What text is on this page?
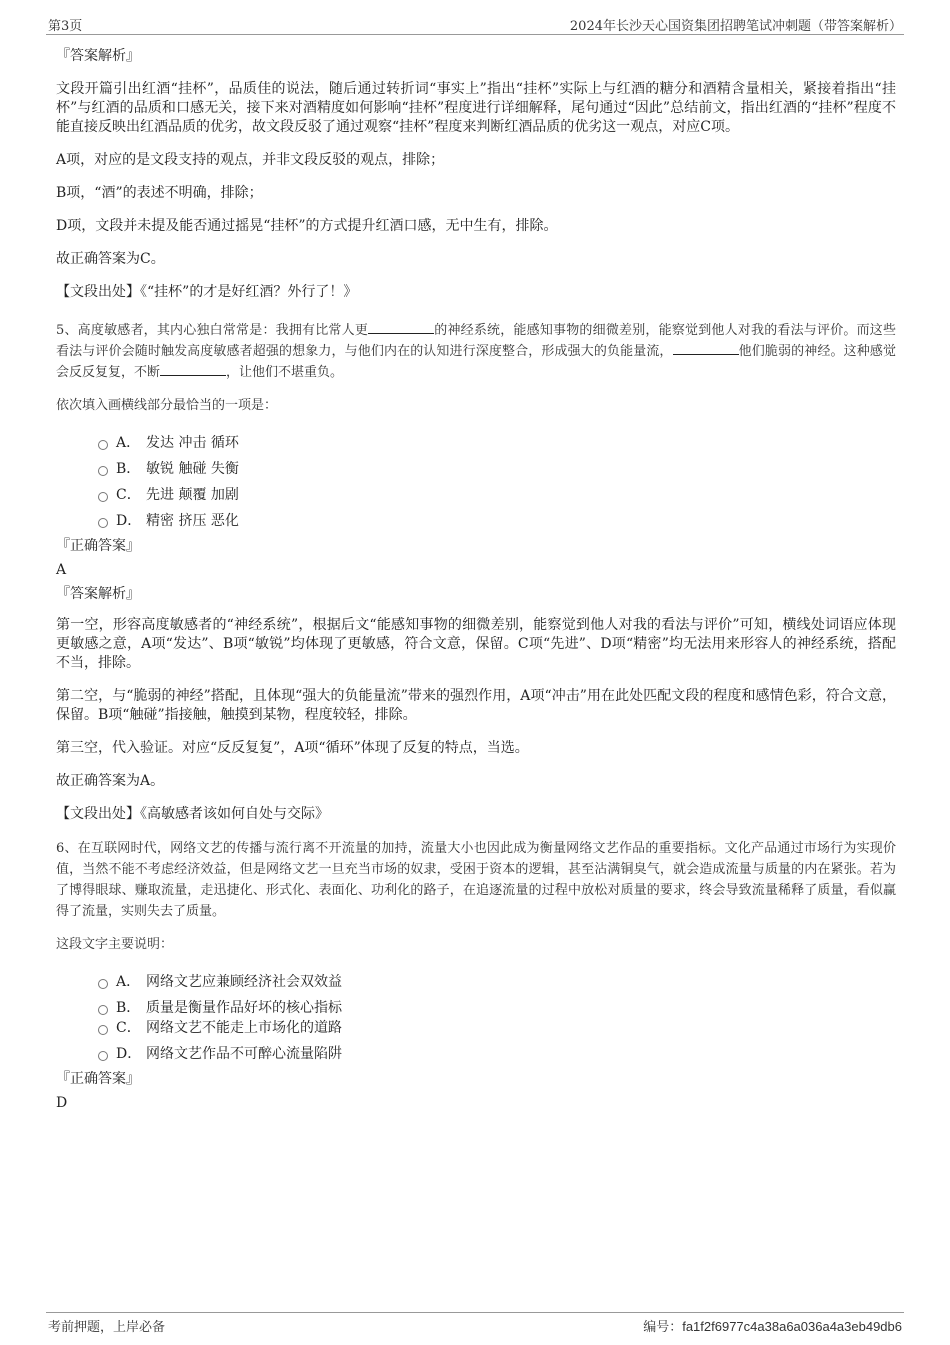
第3页	2024年长沙天心国资集团招聘笔试冲刺题（带答案解析）
『答案解析』

文段开篇引出红酒“挂杯”，品质佳的说法，随后通过转折词“事实上”指出“挂杯”实际上与红酒的糖分和酒精含量相关，紧接着指出“挂杯”与红酒的品质和口感无关，接下来对酒精度如何影响“挂杯”程度进行详细解释，尾句通过“因此”总结前文，指出红酒的“挂杯”程度不能直接反映出红酒品质的优劣，故文段反驳了通过观察“挂杯”程度来判断红酒品质的优劣这一观点，对应C项。

A项，对应的是文段支持的观点，并非文段反驳的观点，排除；

B项，“酒”的表述不明确，排除；

D项，文段并未提及能否通过摇晃“挂杯”的方式提升红酒口感，无中生有，排除。

故正确答案为C。

【文段出处】《“挂杯”的才是好红酒？外行了！》

5、高度敏感者，其内心独白常常是：我拥有比常人更	的神经系统，能感知事物的细微差别，能察觉到他人对我的看法与评价。而这些看法与评价会随时触发高度敏感者超强的想象力，与他们内在的认知进行深度整合，形成强大的负能量流，	他们脆弱的神经。这种感觉会反反复复，不断	，让他们不堪重负。

依次填入画横线部分最恰当的一项是：

A． 发达 冲击 循环
B． 敏锐 触碰 失衡
C． 先进 颠覆 加剧
D． 精密 挤压 恶化
『正确答案』
A
『答案解析』

第一空，形容高度敏感者的“神经系统”，根据后文“能感知事物的细微差别，能察觉到他人对我的看法与评价”可知，横线处词语应体现更敏感之意，A项“发达”、B项“敏锐”均体现了更敏感，符合文意，保留。C项“先进”、D项“精密”均无法用来形容人的神经系统，搭配不当，排除。

第二空，与“脆弱的神经”搭配，且体现“强大的负能量流”带来的强烈作用，A项“冲击”用在此处匹配文段的程度和感情色彩，符合文意，保留。B项“触碰”指接触，触摸到某物，程度较轻，排除。

第三空，代入验证。对应“反反复复”，A项“循环”体现了反复的特点，当选。

故正确答案为A。

【文段出处】《高敏感者该如何自处与交际》

6、在互联网时代，网络文艺的传播与流行离不开流量的加持，流量大小也因此成为衡量网络文艺作品的重要指标。文化产品通过市场行为实现价值，当然不能不考虑经济效益，但是网络文艺一旦充当市场的奴隶，受困于资本的逻辑，甚至沾满铜臭气，就会造成流量与质量的内在紧张。若为了博得眼球、赚取流量，走迅捷化、形式化、表面化、功利化的路子，在追逐流量的过程中放松对质量的要求，终会导致流量稀释了质量，看似赢得了流量，实则失去了质量。

这段文字主要说明：

A． 网络文艺应兼顾经济社会双效益
B． 质量是衡量作品好坏的核心指标
C． 网络文艺不能走上市场化的道路
D． 网络文艺作品不可醉心流量陷阱
『正确答案』
D
考前押题，上岸必备	编号：fa1f2f6977c4a38a6a036a4a3eb49db6
